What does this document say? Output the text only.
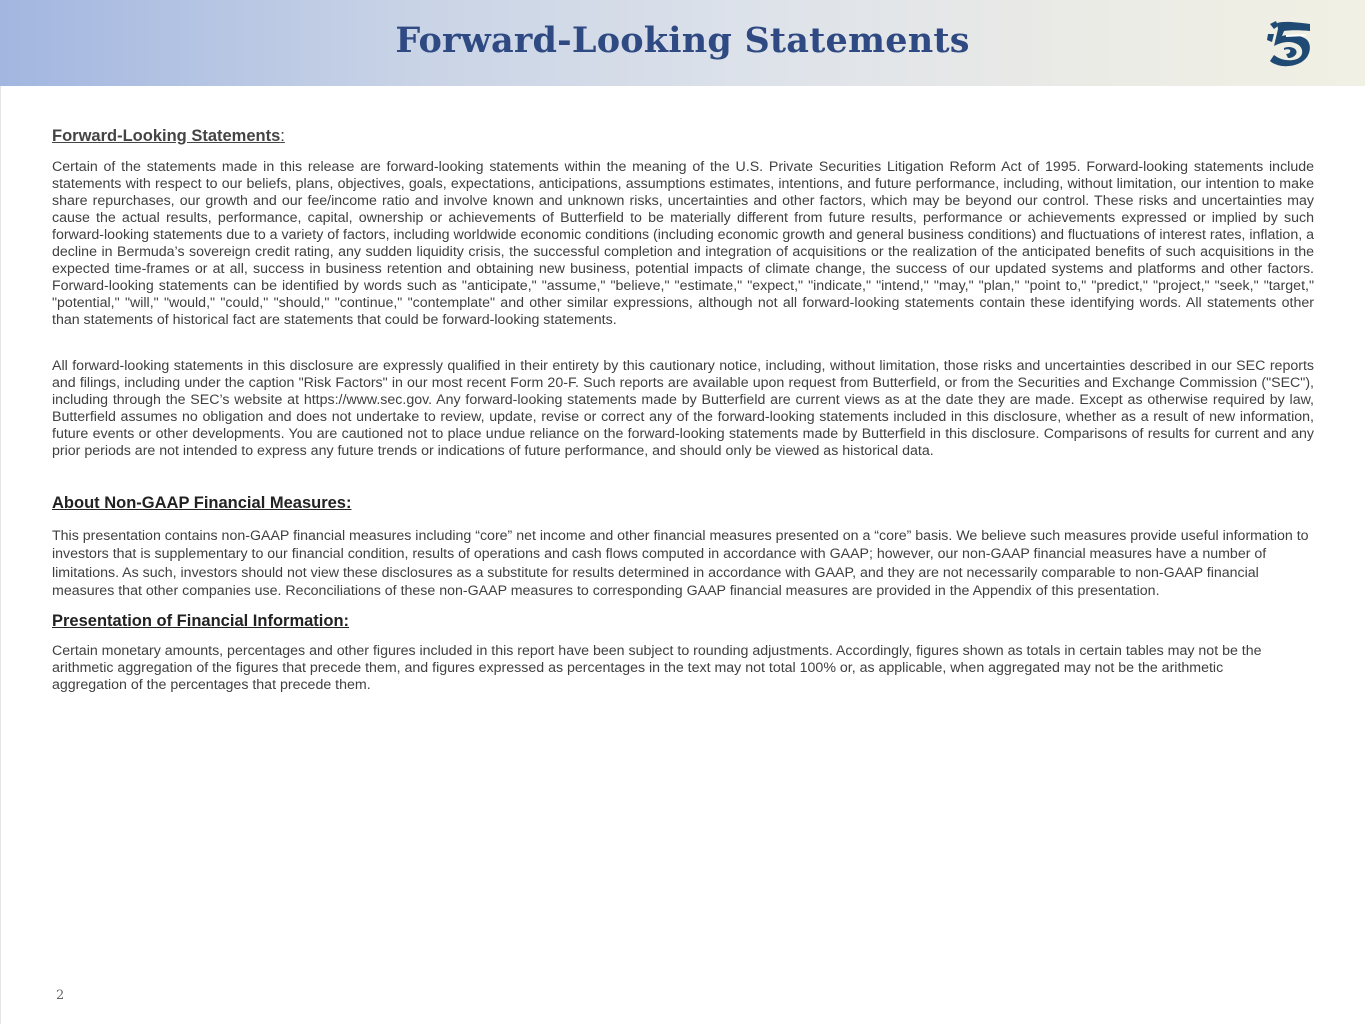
Forward-Looking Statements
Forward-Looking Statements:

Certain of the statements made in this release are forward-looking statements within the meaning of the U.S. Private Securities Litigation Reform Act of 1995. Forward-looking statements include statements with respect to our beliefs, plans, objectives, goals, expectations, anticipations, assumptions estimates, intentions, and future performance, including, without limitation, our intention to make share repurchases, our growth and our fee/income ratio and involve known and unknown risks, uncertainties and other factors, which may be beyond our control. These risks and uncertainties may cause the actual results, performance, capital, ownership or achievements of Butterfield to be materially different from future results, performance or achievements expressed or implied by such forward-looking statements due to a variety of factors, including worldwide economic conditions (including economic growth and general business conditions) and fluctuations of interest rates, inflation, a decline in Bermuda’s sovereign credit rating, any sudden liquidity crisis, the successful completion and integration of acquisitions or the realization of the anticipated benefits of such acquisitions in the expected time-frames or at all, success in business retention and obtaining new business, potential impacts of climate change, the success of our updated systems and platforms and other factors. Forward-looking statements can be identified by words such as "anticipate," "assume," "believe," "estimate," "expect," "indicate," "intend," "may," "plan," "point to," "predict," "project," "seek," "target," "potential," "will," "would," "could," "should," "continue," "contemplate" and other similar expressions, although not all forward-looking statements contain these identifying words. All statements other than statements of historical fact are statements that could be forward-looking statements.

All forward-looking statements in this disclosure are expressly qualified in their entirety by this cautionary notice, including, without limitation, those risks and uncertainties described in our SEC reports and filings, including under the caption "Risk Factors" in our most recent Form 20-F. Such reports are available upon request from Butterfield, or from the Securities and Exchange Commission ("SEC"), including through the SEC’s website at https://www.sec.gov. Any forward-looking statements made by Butterfield are current views as at the date they are made. Except as otherwise required by law, Butterfield assumes no obligation and does not undertake to review, update, revise or correct any of the forward-looking statements included in this disclosure, whether as a result of new information, future events or other developments. You are cautioned not to place undue reliance on the forward-looking statements made by Butterfield in this disclosure. Comparisons of results for current and any prior periods are not intended to express any future trends or indications of future performance, and should only be viewed as historical data.

About Non-GAAP Financial Measures:

This presentation contains non-GAAP financial measures including “core” net income and other financial measures presented on a “core” basis. We believe such measures provide useful information to investors that is supplementary to our financial condition, results of operations and cash flows computed in accordance with GAAP; however, our non-GAAP financial measures have a number of limitations. As such, investors should not view these disclosures as a substitute for results determined in accordance with GAAP, and they are not necessarily comparable to non-GAAP financial measures that other companies use. Reconciliations of these non-GAAP measures to corresponding GAAP financial measures are provided in the Appendix of this presentation.

Presentation of Financial Information:

Certain monetary amounts, percentages and other figures included in this report have been subject to rounding adjustments. Accordingly, figures shown as totals in certain tables may not be the arithmetic aggregation of the figures that precede them, and figures expressed as percentages in the text may not total 100% or, as applicable, when aggregated may not be the arithmetic aggregation of the percentages that precede them.

2
